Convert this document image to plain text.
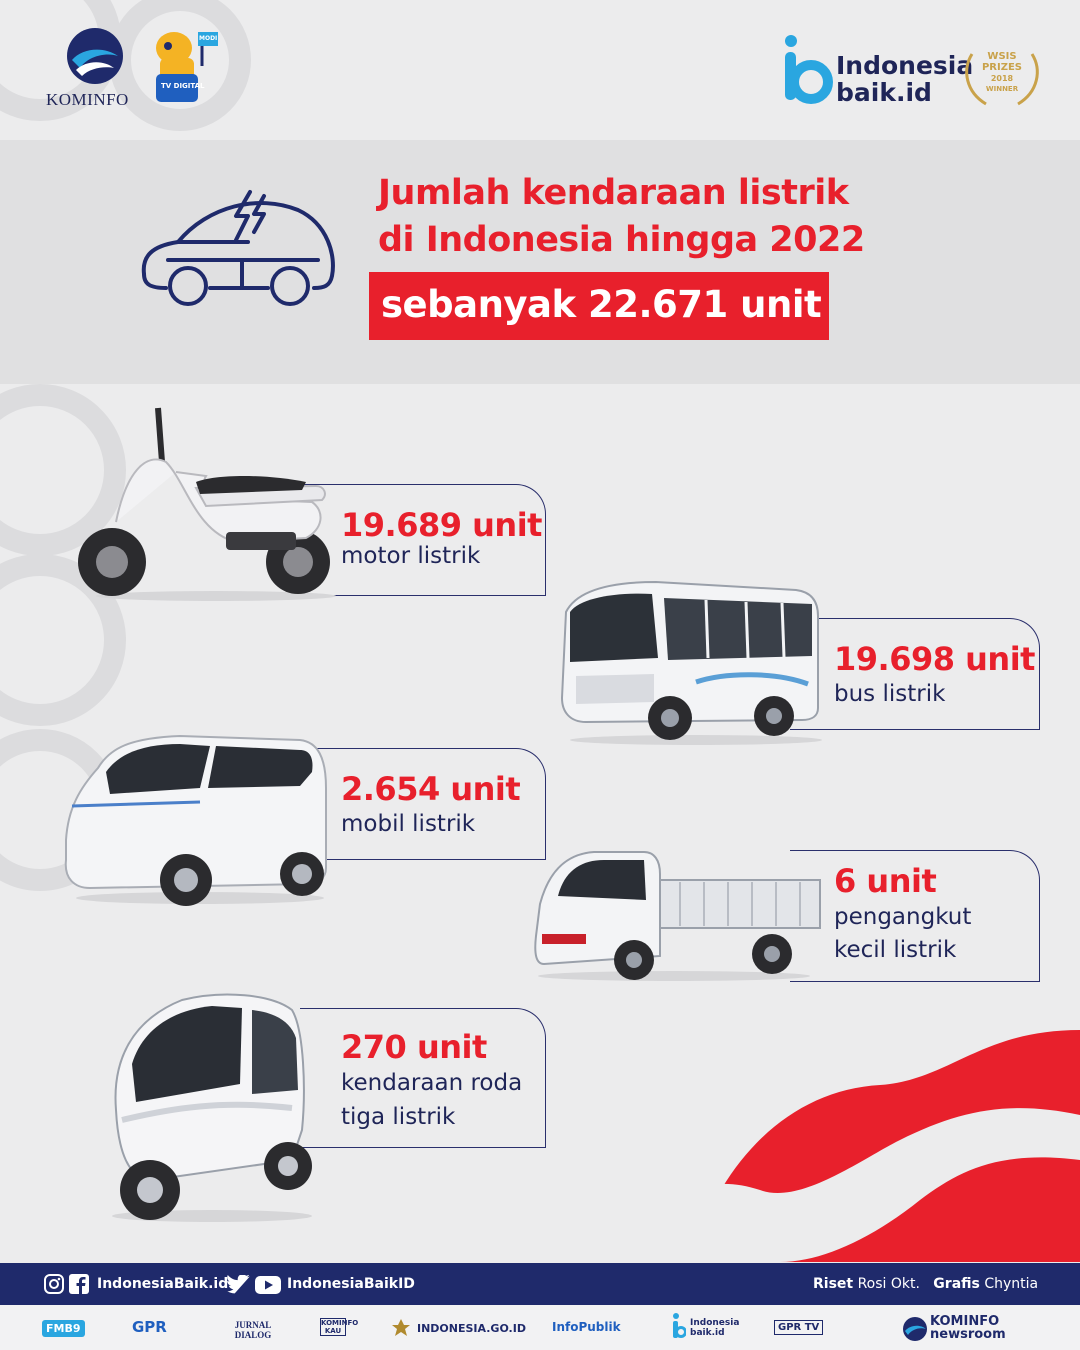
KOMINFO
TV DIGITAL
MODI
Indonesia
baik.id
WSIS
PRIZES
2018
WINNER
Jumlah kendaraan listrik
di Indonesia hingga 2022
sebanyak 22.671 unit
19.689 unit
motor listrik
19.698 unit
bus listrik
2.654 unit
mobil listrik
6 unit
pengangkut
kecil listrik
270 unit
kendaraan roda
tiga listrik
IndonesiaBaik.id	IndonesiaBaikID	Riset Rosi Okt. Grafis Chyntia
FMB9	GPR	JURNAL DIALOG
KOMINFO KAU	INDONESIA.GO.ID InfoPublik	Indonesia baik.id	GPR TV	KOMINFO newsroom
